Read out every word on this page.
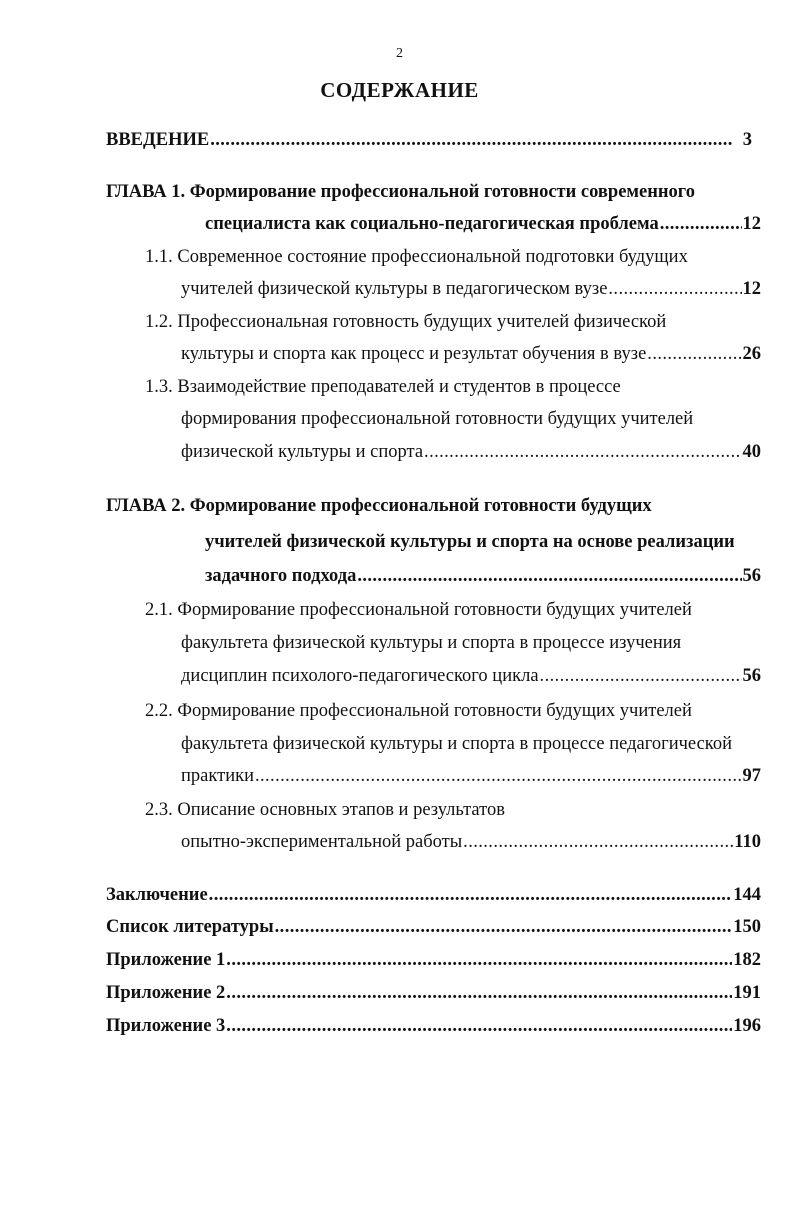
2
СОДЕРЖАНИЕ
ВВЕДЕНИЕ .....	3
ГЛАВА 1. Формирование профессиональной готовности современного
специалиста как социально-педагогическая проблема .....	12
1.1. Современное состояние профессиональной подготовки будущих
учителей физической культуры в педагогическом вузе .....	12
1.2. Профессиональная готовность будущих учителей физической
культуры и спорта как процесс и результат обучения в вузе .....	26
1.3. Взаимодействие преподавателей и студентов в процессе
формирования профессиональной готовности будущих учителей
физической культуры и спорта .....	40
ГЛАВА 2. Формирование профессиональной готовности будущих
учителей физической культуры и спорта на основе реализации
задачного подхода .....	56
2.1. Формирование профессиональной готовности будущих учителей
факультета физической культуры и спорта в процессе изучения
дисциплин психолого-педагогического цикла .....	56
2.2. Формирование профессиональной готовности будущих учителей
факультета физической культуры и спорта в процессе педагогической
практики .....	97
2.3. Описание основных этапов и результатов
опытно-экспериментальной работы .....	110
Заключение .....	144
Список литературы .....	150
Приложение 1 .....	182
Приложение 2 .....	191
Приложение 3 .....	196
